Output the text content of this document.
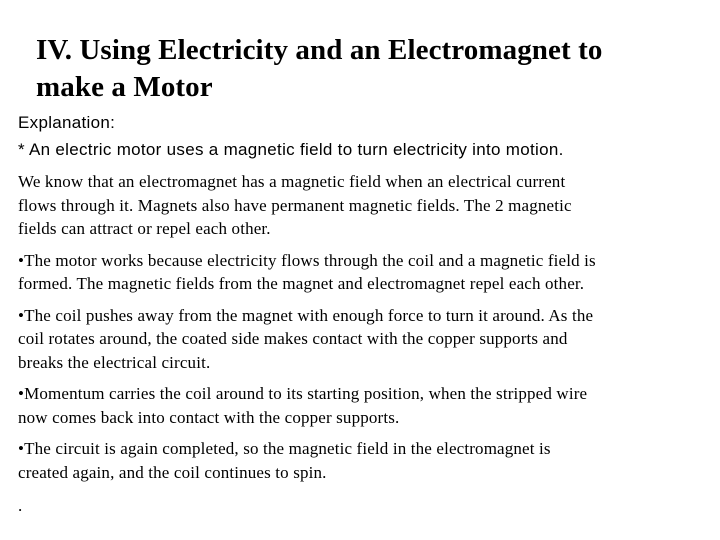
IV. Using Electricity and an Electromagnet to
make a Motor
Explanation:
* An electric motor uses a magnetic field to turn electricity into motion.

We know that an electromagnet has a magnetic field when an electrical current
flows through it. Magnets also have permanent magnetic fields. The 2 magnetic
fields can attract or repel each other.

•The motor works because electricity flows through the coil and a magnetic field is
formed. The magnetic fields from the magnet and electromagnet repel each other.

•The coil pushes away from the magnet with enough force to turn it around. As the
coil rotates around, the coated side makes contact with the copper supports and
breaks the electrical circuit.

•Momentum carries the coil around to its starting position, when the stripped wire
now comes back into contact with the copper supports.

•The circuit is again completed, so the magnetic field in the electromagnet is
created again, and the coil continues to spin.

.
